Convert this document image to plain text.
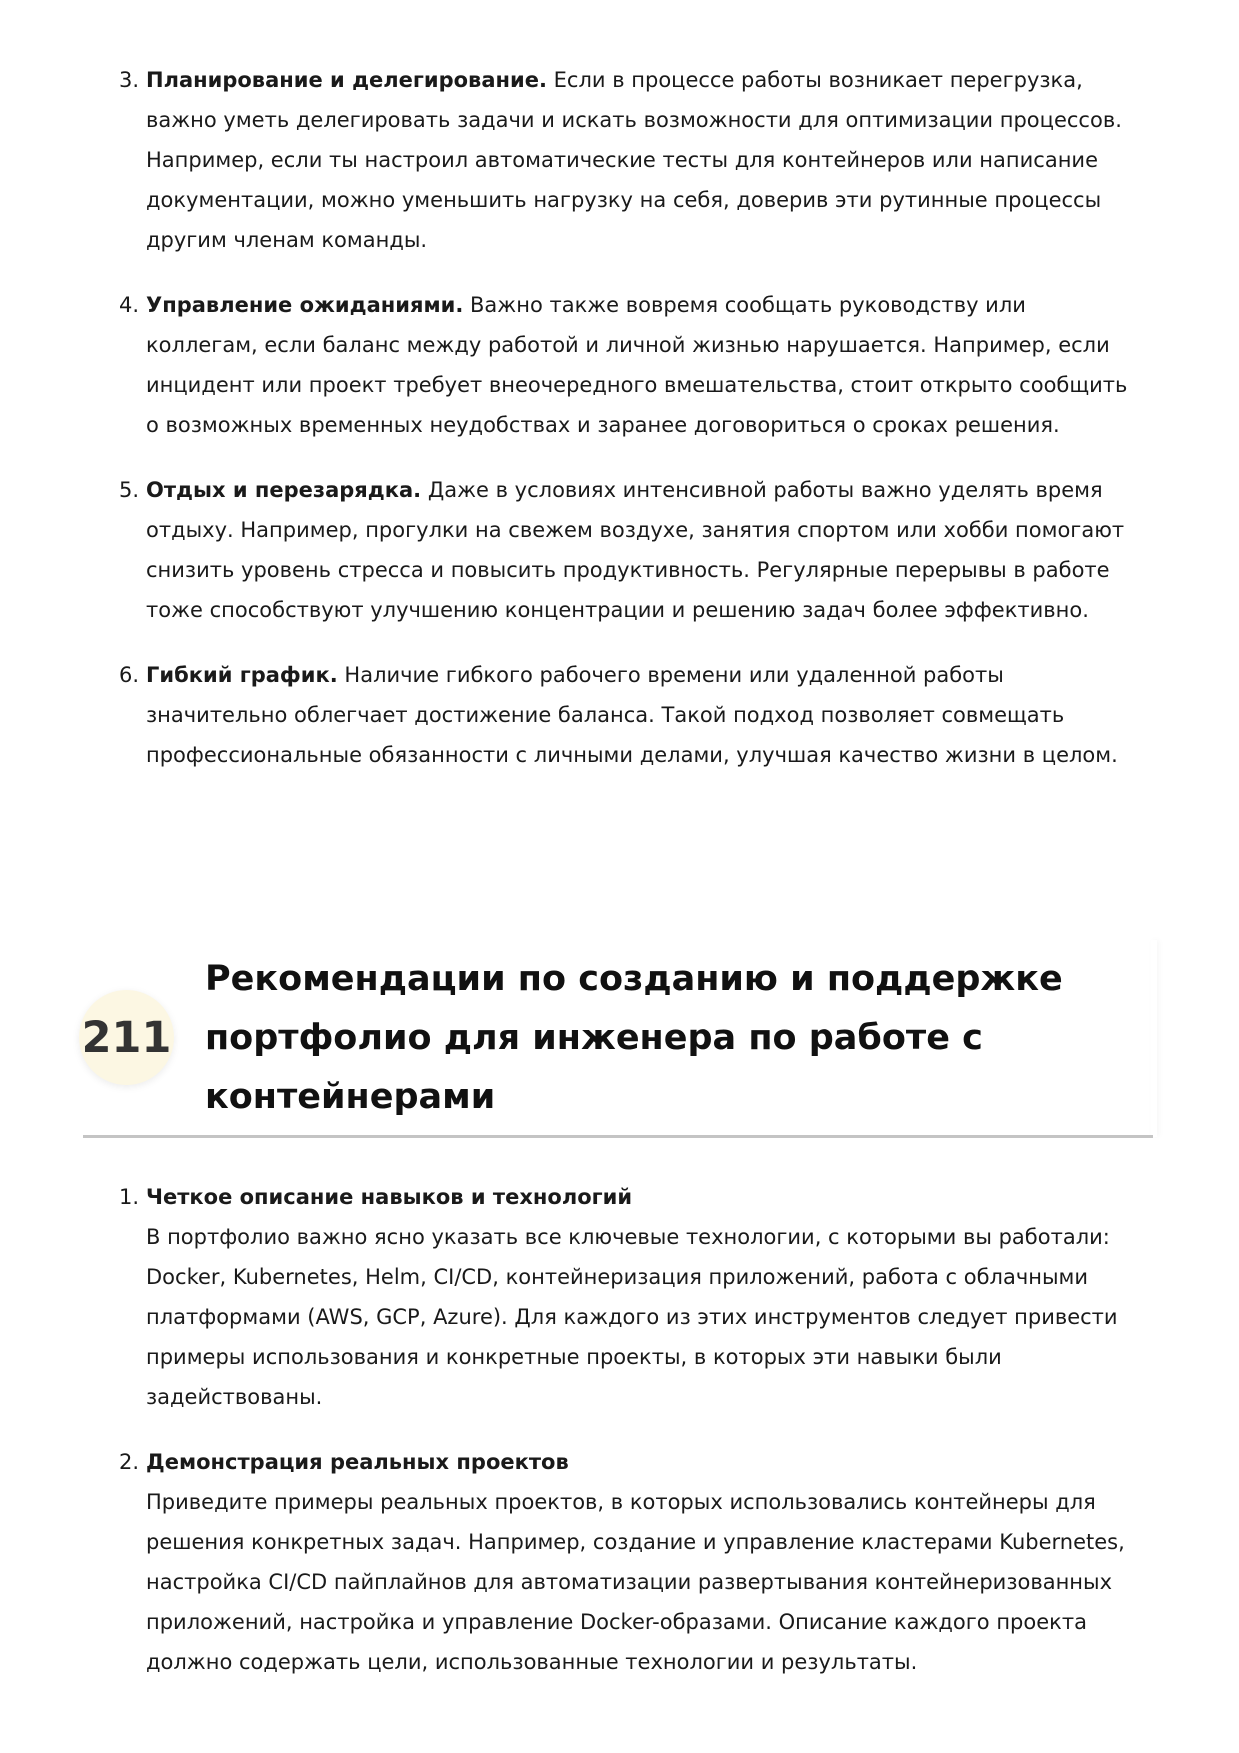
3. Планирование и делегирование. Если в процессе работы возникает перегрузка,
важно уметь делегировать задачи и искать возможности для оптимизации процессов.
Например, если ты настроил автоматические тесты для контейнеров или написание
документации, можно уменьшить нагрузку на себя, доверив эти рутинные процессы
другим членам команды.
4. Управление ожиданиями. Важно также вовремя сообщать руководству или
коллегам, если баланс между работой и личной жизнью нарушается. Например, если
инцидент или проект требует внеочередного вмешательства, стоит открыто сообщить
о возможных временных неудобствах и заранее договориться о сроках решения.
5. Отдых и перезарядка. Даже в условиях интенсивной работы важно уделять время
отдыху. Например, прогулки на свежем воздухе, занятия спортом или хобби помогают
снизить уровень стресса и повысить продуктивность. Регулярные перерывы в работе
тоже способствуют улучшению концентрации и решению задач более эффективно.
6. Гибкий график. Наличие гибкого рабочего времени или удаленной работы
значительно облегчает достижение баланса. Такой подход позволяет совмещать
профессиональные обязанности с личными делами, улучшая качество жизни в целом.
211
Рекомендации по созданию и поддержке
портфолио для инженера по работе с
контейнерами
1. Четкое описание навыков и технологий
В портфолио важно ясно указать все ключевые технологии, с которыми вы работали:
Docker, Kubernetes, Helm, CI/CD, контейнеризация приложений, работа с облачными
платформами (AWS, GCP, Azure). Для каждого из этих инструментов следует привести
примеры использования и конкретные проекты, в которых эти навыки были
задействованы.
2. Демонстрация реальных проектов
Приведите примеры реальных проектов, в которых использовались контейнеры для
решения конкретных задач. Например, создание и управление кластерами Kubernetes,
настройка CI/CD пайплайнов для автоматизации развертывания контейнеризованных
приложений, настройка и управление Docker-образами. Описание каждого проекта
должно содержать цели, использованные технологии и результаты.
